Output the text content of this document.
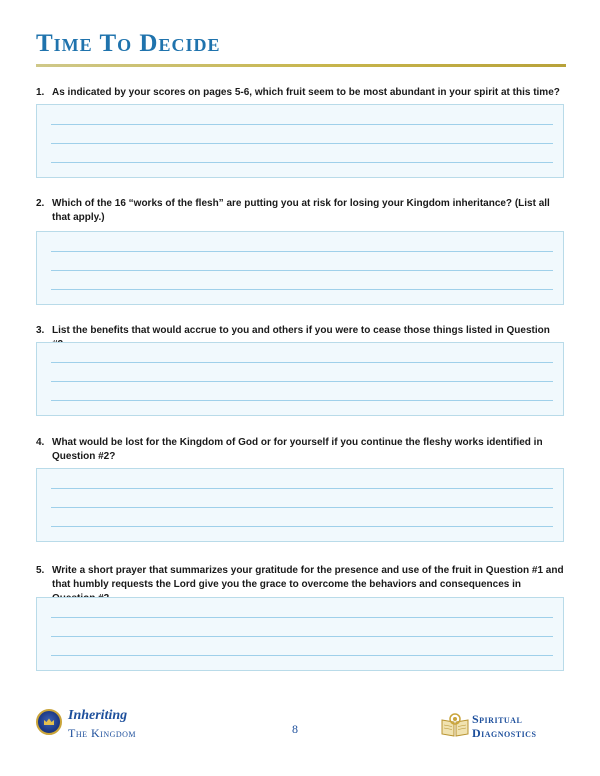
Time To Decide

1. As indicated by your scores on pages 5-6, which fruit seem to be most abundant in your spirit at this time?

2. Which of the 16 “works of the flesh” are putting you at risk for losing your Kingdom inheritance? (List all that apply.)

3. List the benefits that would accrue to you and others if you were to cease those things listed in Question

4. What would be lost for the Kingdom of God or for yourself if you continue the fleshy works identified in Question #2?

5. Write a short prayer that summarizes your gratitude for the presence and use of the fruit in Question #1 and that humbly requests the Lord give you the grace to overcome the behaviors and consequences in

Inheriting

The Kingdom	8

Spiritual

Diagnostics
